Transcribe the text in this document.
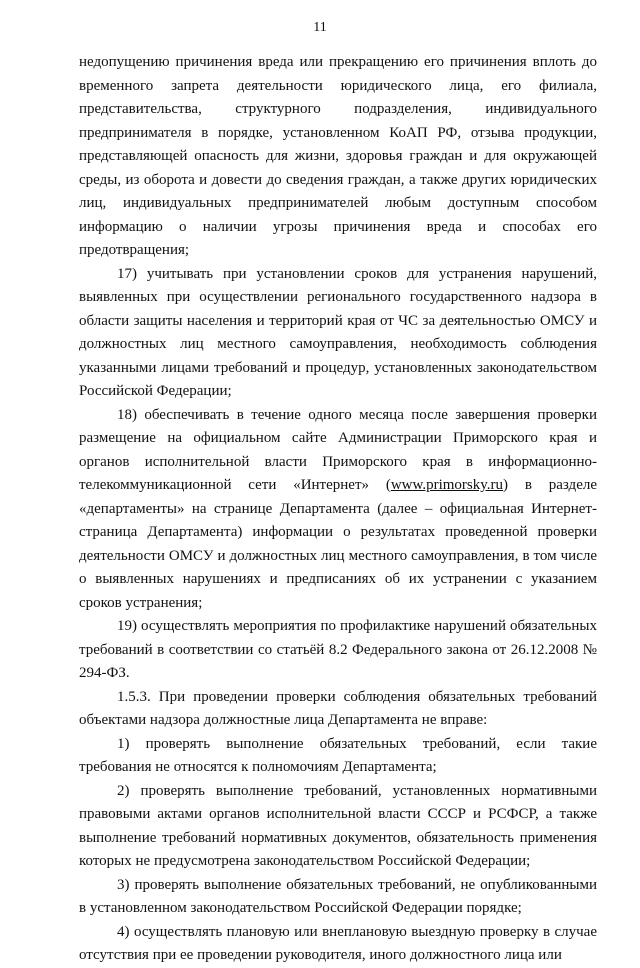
11

недопущению причинения вреда или прекращению его причинения вплоть до временного запрета деятельности юридического лица, его филиала, представительства, структурного подразделения, индивидуального предпринимателя в порядке, установленном КоАП РФ, отзыва продукции, представляющей опасность для жизни, здоровья граждан и для окружающей среды, из оборота и довести до сведения граждан, а также других юридических лиц, индивидуальных предпринимателей любым доступным способом информацию о наличии угрозы причинения вреда и способах его предотвращения;

17) учитывать при установлении сроков для устранения нарушений, выявленных при осуществлении регионального государственного надзора в области защиты населения и территорий края от ЧС за деятельностью ОМСУ и должностных лиц местного самоуправления, необходимость соблюдения указанными лицами требований и процедур, установленных законодательством Российской Федерации;

18) обеспечивать в течение одного месяца после завершения проверки размещение на официальном сайте Администрации Приморского края и органов исполнительной власти Приморского края в информационно-телекоммуникационной сети «Интернет» (www.primorsky.ru) в разделе «департаменты» на странице Департамента (далее – официальная Интернет-страница Департамента) информации о результатах проведенной проверки деятельности ОМСУ и должностных лиц местного самоуправления, в том числе о выявленных нарушениях и предписаниях об их устранении с указанием сроков устранения;

19) осуществлять мероприятия по профилактике нарушений обязательных требований в соответствии со статьёй 8.2 Федерального закона от 26.12.2008 № 294-ФЗ.

1.5.3. При проведении проверки соблюдения обязательных требований объектами надзора должностные лица Департамента не вправе:

1) проверять выполнение обязательных требований, если такие требования не относятся к полномочиям Департамента;

2) проверять выполнение требований, установленных нормативными правовыми актами органов исполнительной власти СССР и РСФСР, а также выполнение требований нормативных документов, обязательность применения которых не предусмотрена законодательством Российской Федерации;

3) проверять выполнение обязательных требований, не опубликованными в установленном законодательством Российской Федерации порядке;

4) осуществлять плановую или внеплановую выездную проверку в случае отсутствия при ее проведении руководителя, иного должностного лица или
